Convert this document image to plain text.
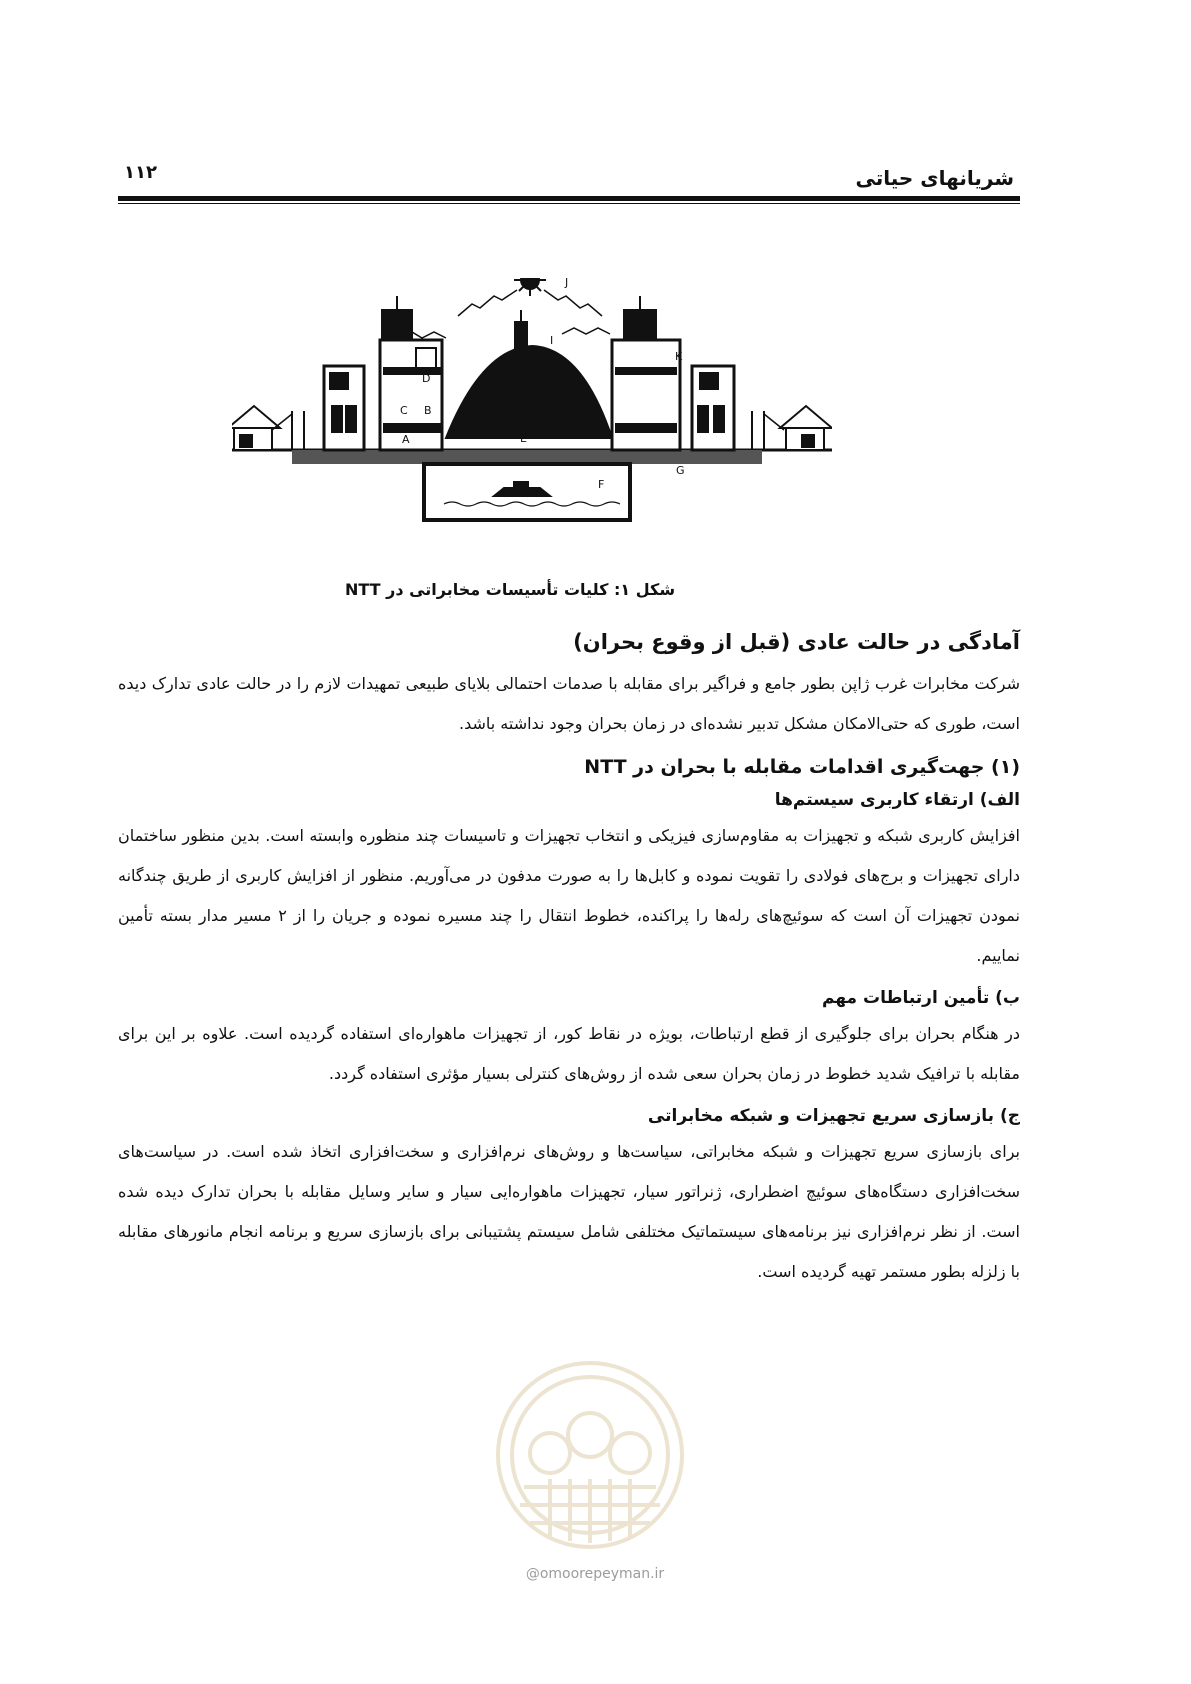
شریانهای حیاتی
۱۱۲
J
I
K
D
C B
A	E
F
G
شکل ۱: کلیات تأسیسات مخابراتی در NTT
آمادگی در حالت عادی (قبل از وقوع بحران)

شرکت مخابرات غرب ژاپن بطور جامع و فراگیر برای مقابله با صدمات احتمالی بلایای طبیعی تمهیدات لازم را در حالت عادی تدارک دیده است، طوری که حتی‌الامکان مشکل تدبیر نشده‌ای در زمان بحران وجود نداشته باشد.

(۱) جهت‌گیری اقدامات مقابله با بحران در NTT
الف) ارتقاء کاربری سیستم‌ها

افزایش کاربری شبکه و تجهیزات به مقاوم‌سازی فیزیکی و انتخاب تجهیزات و تاسیسات چند منظوره وابسته است. بدین منظور ساختمان دارای تجهیزات و برج‌های فولادی را تقویت نموده و کابل‌ها را به صورت مدفون در می‌آوریم. منظور از افزایش کاربری از طریق چندگانه نمودن تجهیزات آن است که سوئیچ‌های رله‌ها را پراکنده، خطوط انتقال را چند مسیره نموده و جریان را از ۲ مسیر مدار بسته تأمین نماییم.

ب) تأمین ارتباطات مهم

در هنگام بحران برای جلوگیری از قطع ارتباطات، بویژه در نقاط کور، از تجهیزات ماهواره‌ای استفاده گردیده است. علاوه بر این برای مقابله با ترافیک شدید خطوط در زمان بحران سعی شده از روش‌های کنترلی بسیار مؤثری استفاده گردد.

ج) بازسازی سریع تجهیزات و شبکه مخابراتی

برای بازسازی سریع تجهیزات و شبکه مخابراتی، سیاست‌ها و روش‌های نرم‌افزاری و سخت‌افزاری اتخاذ شده است. در سیاست‌های سخت‌افزاری دستگاه‌های سوئیچ اضطراری، ژنراتور سیار، تجهیزات ماهواره‌ایی سیار و سایر وسایل مقابله با بحران تدارک دیده شده است. از نظر نرم‌افزاری نیز برنامه‌های سیستماتیک مختلفی شامل سیستم پشتیبانی برای بازسازی سریع و برنامه انجام مانورهای مقابله با زلزله بطور مستمر تهیه گردیده است.

@omoorepeyman.ir
